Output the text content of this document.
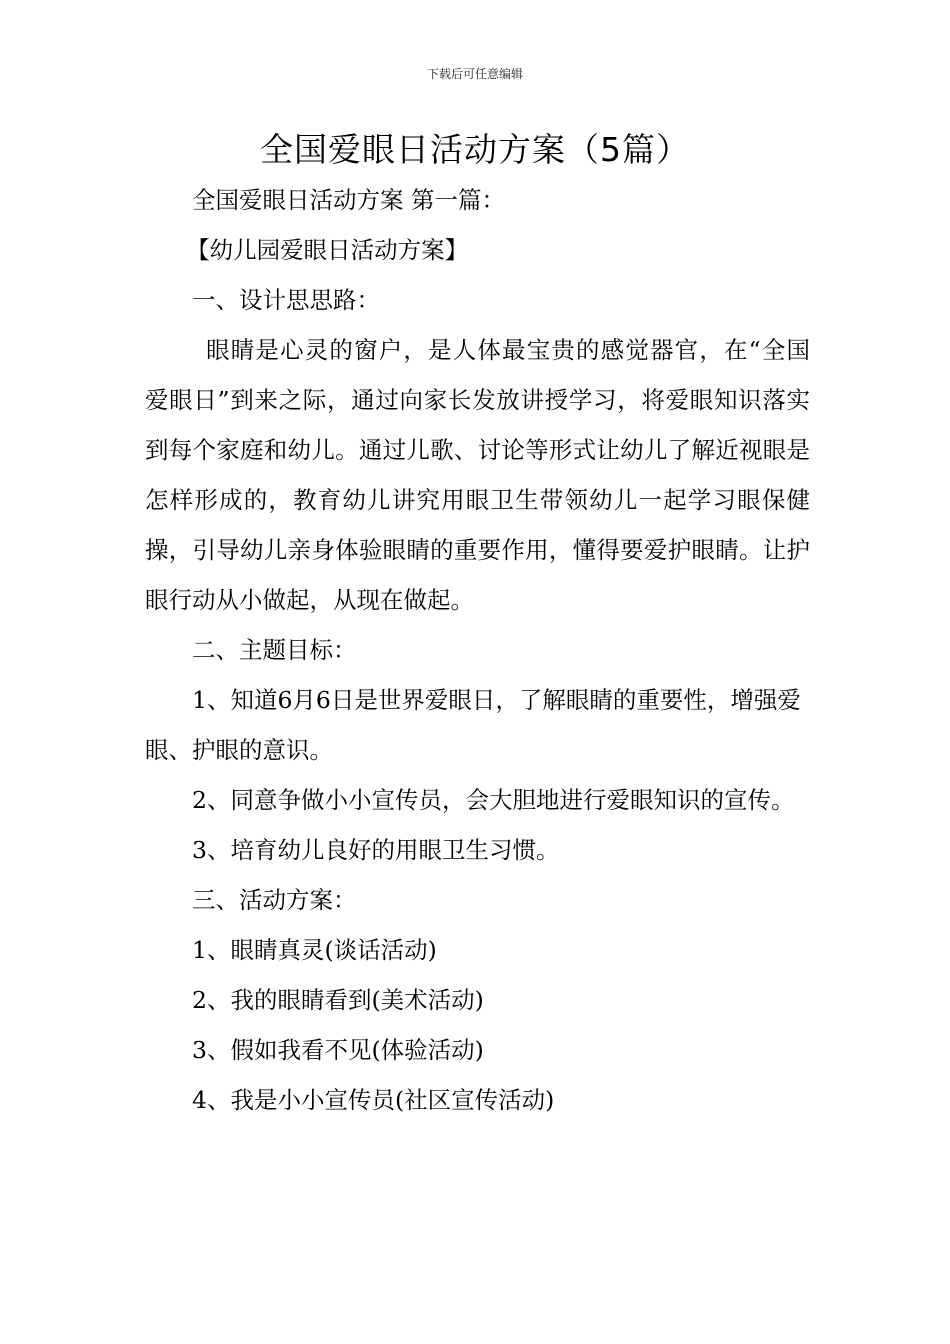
下载后可任意编辑
全国爱眼日活动方案（5篇）

全国爱眼日活动方案 第一篇：

【幼儿园爱眼日活动方案】

一、设计思思路：

眼睛是心灵的窗户，是人体最宝贵的感觉器官，在“全国 爱眼日”到来之际，通过向家长发放讲授学习，将爱眼知识落实到每个家庭和幼儿。通过儿歌、讨论等形式让幼儿了解近视眼是怎样形成的，教育幼儿讲究用眼卫生带领幼儿一起学习眼保健操，引导幼儿亲身体验眼睛的重要作用，懂得要爱护眼睛。让护眼行动从小做起，从现在做起。

二、主题目标：

1、知道6月6日是世界爱眼日，了解眼睛的重要性，增强爱眼、护眼的意识。

2、同意争做小小宣传员，会大胆地进行爱眼知识的宣传。

3、培育幼儿良好的用眼卫生习惯。

三、活动方案：

1、眼睛真灵(谈话活动)

2、我的眼睛看到(美术活动)

3、假如我看不见(体验活动)

4、我是小小宣传员(社区宣传活动)
